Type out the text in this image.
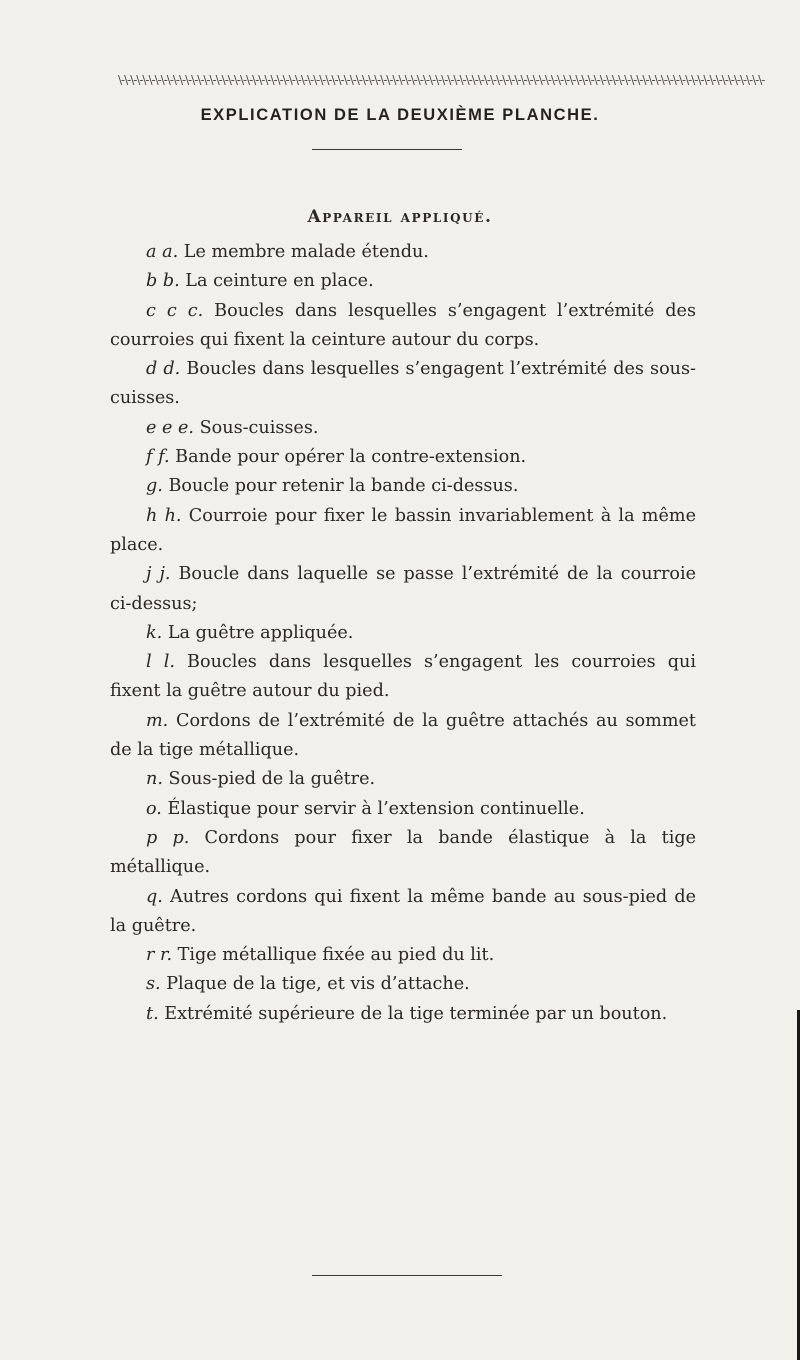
\-\-\-\-\-\-\-\-\-\-\-\-\-\-\-\-\-\-\-\-\-\-\-\-\-\-\-\-\-\-\-\-\-\-\-\-\-\-\-\-\-\-\-\-\-\-\-\-\-\-\-\-\-\-\-\-\-\-\-\-\-\-\-\-\-\-\-\-\-\-\-\-\-\-\-\-\-\-\-\-\-\-\-\-\-\-\-\-\-\-\-\-\-\-\-\-\-\-\-\-\-\-\-\-\-\-
EXPLICATION DE LA DEUXIÈME PLANCHE.
Appareil appliqué.

a a. Le membre malade étendu.

b b. La ceinture en place.

c c c. Boucles dans lesquelles s’engagent l’extrémité des courroies qui fixent la ceinture autour du corps.

d d. Boucles dans lesquelles s’engagent l’extrémité des sous-cuisses.

e e e. Sous-cuisses.

f f. Bande pour opérer la contre-extension.

g. Boucle pour retenir la bande ci-dessus.

h h. Courroie pour fixer le bassin invariablement à la même place.

j j. Boucle dans laquelle se passe l’extrémité de la courroie ci-dessus;

k. La guêtre appliquée.

l l. Boucles dans lesquelles s’engagent les courroies qui fixent la guêtre autour du pied.

m. Cordons de l’extrémité de la guêtre attachés au sommet de la tige métallique.

n. Sous-pied de la guêtre.

o. Élastique pour servir à l’extension continuelle.

p p. Cordons pour fixer la bande élastique à la tige métallique.

q. Autres cordons qui fixent la même bande au sous-pied de la guêtre.

r r. Tige métallique fixée au pied du lit.

s. Plaque de la tige, et vis d’attache.

t. Extrémité supérieure de la tige terminée par un bouton.
